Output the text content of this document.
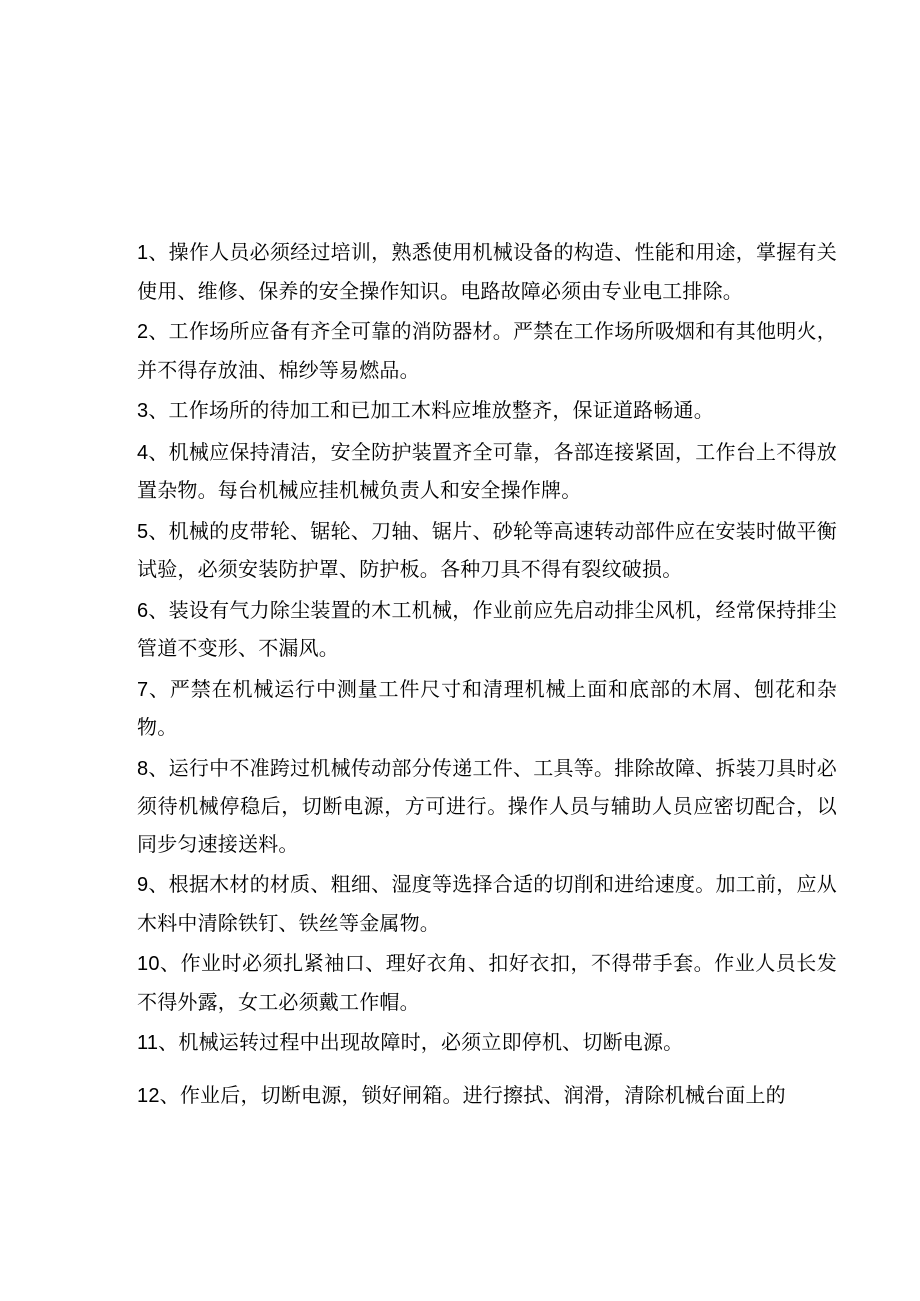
1、操作人员必须经过培训，熟悉使用机械设备的构造、性能和用途，掌握有关使用、维修、保养的安全操作知识。电路故障必须由专业电工排除。

2、工作场所应备有齐全可靠的消防器材。严禁在工作场所吸烟和有其他明火，并不得存放油、棉纱等易燃品。

3、工作场所的待加工和已加工木料应堆放整齐，保证道路畅通。

4、机械应保持清洁，安全防护装置齐全可靠，各部连接紧固，工作台上不得放置杂物。每台机械应挂机械负责人和安全操作牌。

5、机械的皮带轮、锯轮、刀轴、锯片、砂轮等高速转动部件应在安装时做平衡试验，必须安装防护罩、防护板。各种刀具不得有裂纹破损。

6、装设有气力除尘装置的木工机械，作业前应先启动排尘风机，经常保持排尘管道不变形、不漏风。

7、严禁在机械运行中测量工件尺寸和清理机械上面和底部的木屑、刨花和杂物。

8、运行中不准跨过机械传动部分传递工件、工具等。排除故障、拆装刀具时必须待机械停稳后，切断电源，方可进行。操作人员与辅助人员应密切配合，以同步匀速接送料。

9、根据木材的材质、粗细、湿度等选择合适的切削和进给速度。加工前，应从木料中清除铁钉、铁丝等金属物。

10、作业时必须扎紧袖口、理好衣角、扣好衣扣，不得带手套。作业人员长发不得外露，女工必须戴工作帽。

11、机械运转过程中出现故障时，必须立即停机、切断电源。

12、作业后，切断电源，锁好闸箱。进行擦拭、润滑，清除机械台面上的
